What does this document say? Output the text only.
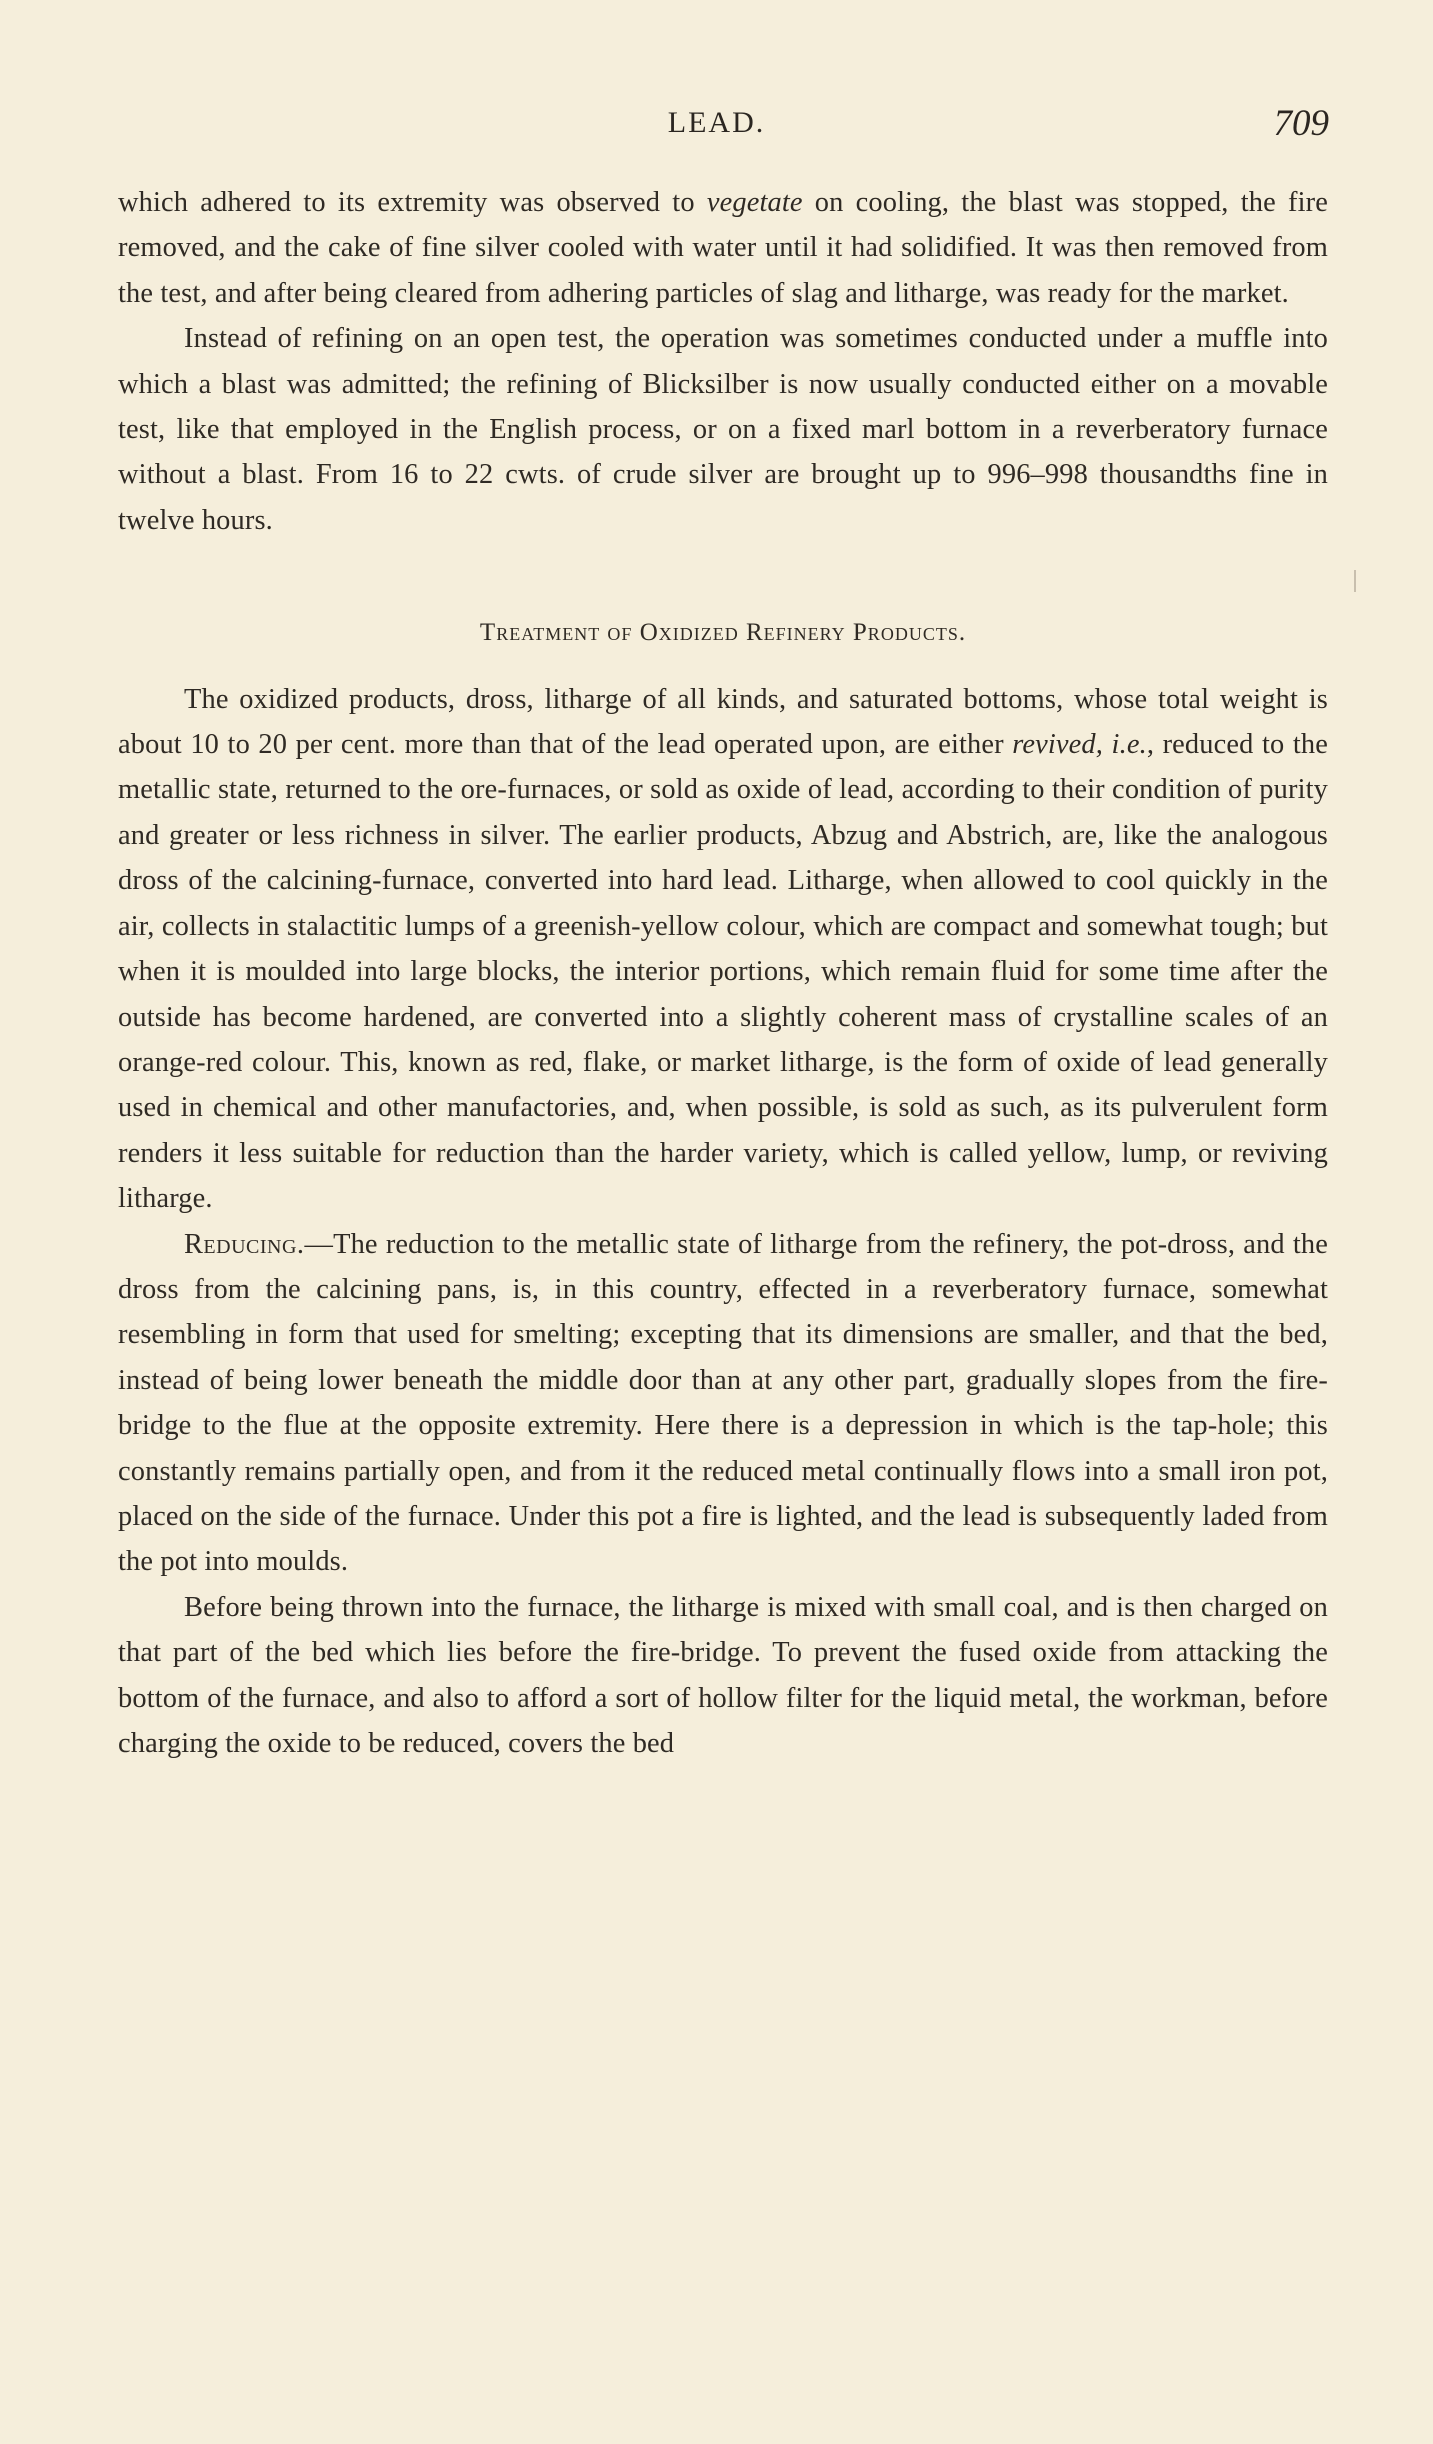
LEAD.	709

which adhered to its extremity was observed to vegetate on cooling, the blast was stopped, the fire removed, and the cake of fine silver cooled with water until it had solidified. It was then removed from the test, and after being cleared from adhering particles of slag and litharge, was ready for the market.

Instead of refining on an open test, the operation was sometimes conducted under a muffle into which a blast was admitted; the refining of Blicksilber is now usually conducted either on a movable test, like that employed in the English process, or on a fixed marl bottom in a reverberatory furnace without a blast. From 16 to 22 cwts. of crude silver are brought up to 996–998 thousandths fine in twelve hours.

Treatment of Oxidized Refinery Products.

The oxidized products, dross, litharge of all kinds, and saturated bottoms, whose total weight is about 10 to 20 per cent. more than that of the lead operated upon, are either revived, i.e., reduced to the metallic state, returned to the ore-furnaces, or sold as oxide of lead, according to their condition of purity and greater or less richness in silver. The earlier products, Abzug and Abstrich, are, like the analogous dross of the calcining-furnace, converted into hard lead. Litharge, when allowed to cool quickly in the air, collects in stalactitic lumps of a greenish-yellow colour, which are compact and somewhat tough; but when it is moulded into large blocks, the interior portions, which remain fluid for some time after the outside has become hardened, are converted into a slightly coherent mass of crystalline scales of an orange-red colour. This, known as red, flake, or market litharge, is the form of oxide of lead generally used in chemical and other manufactories, and, when possible, is sold as such, as its pulverulent form renders it less suitable for reduction than the harder variety, which is called yellow, lump, or reviving litharge.

Reducing.—The reduction to the metallic state of litharge from the refinery, the pot-dross, and the dross from the calcining pans, is, in this country, effected in a reverberatory furnace, somewhat resembling in form that used for smelting; excepting that its dimensions are smaller, and that the bed, instead of being lower beneath the middle door than at any other part, gradually slopes from the fire-bridge to the flue at the opposite extremity. Here there is a depression in which is the tap-hole; this constantly remains partially open, and from it the reduced metal continually flows into a small iron pot, placed on the side of the furnace. Under this pot a fire is lighted, and the lead is subsequently laded from the pot into moulds.

Before being thrown into the furnace, the litharge is mixed with small coal, and is then charged on that part of the bed which lies before the fire-bridge. To prevent the fused oxide from attacking the bottom of the furnace, and also to afford a sort of hollow filter for the liquid metal, the workman, before charging the oxide to be reduced, covers the bed
